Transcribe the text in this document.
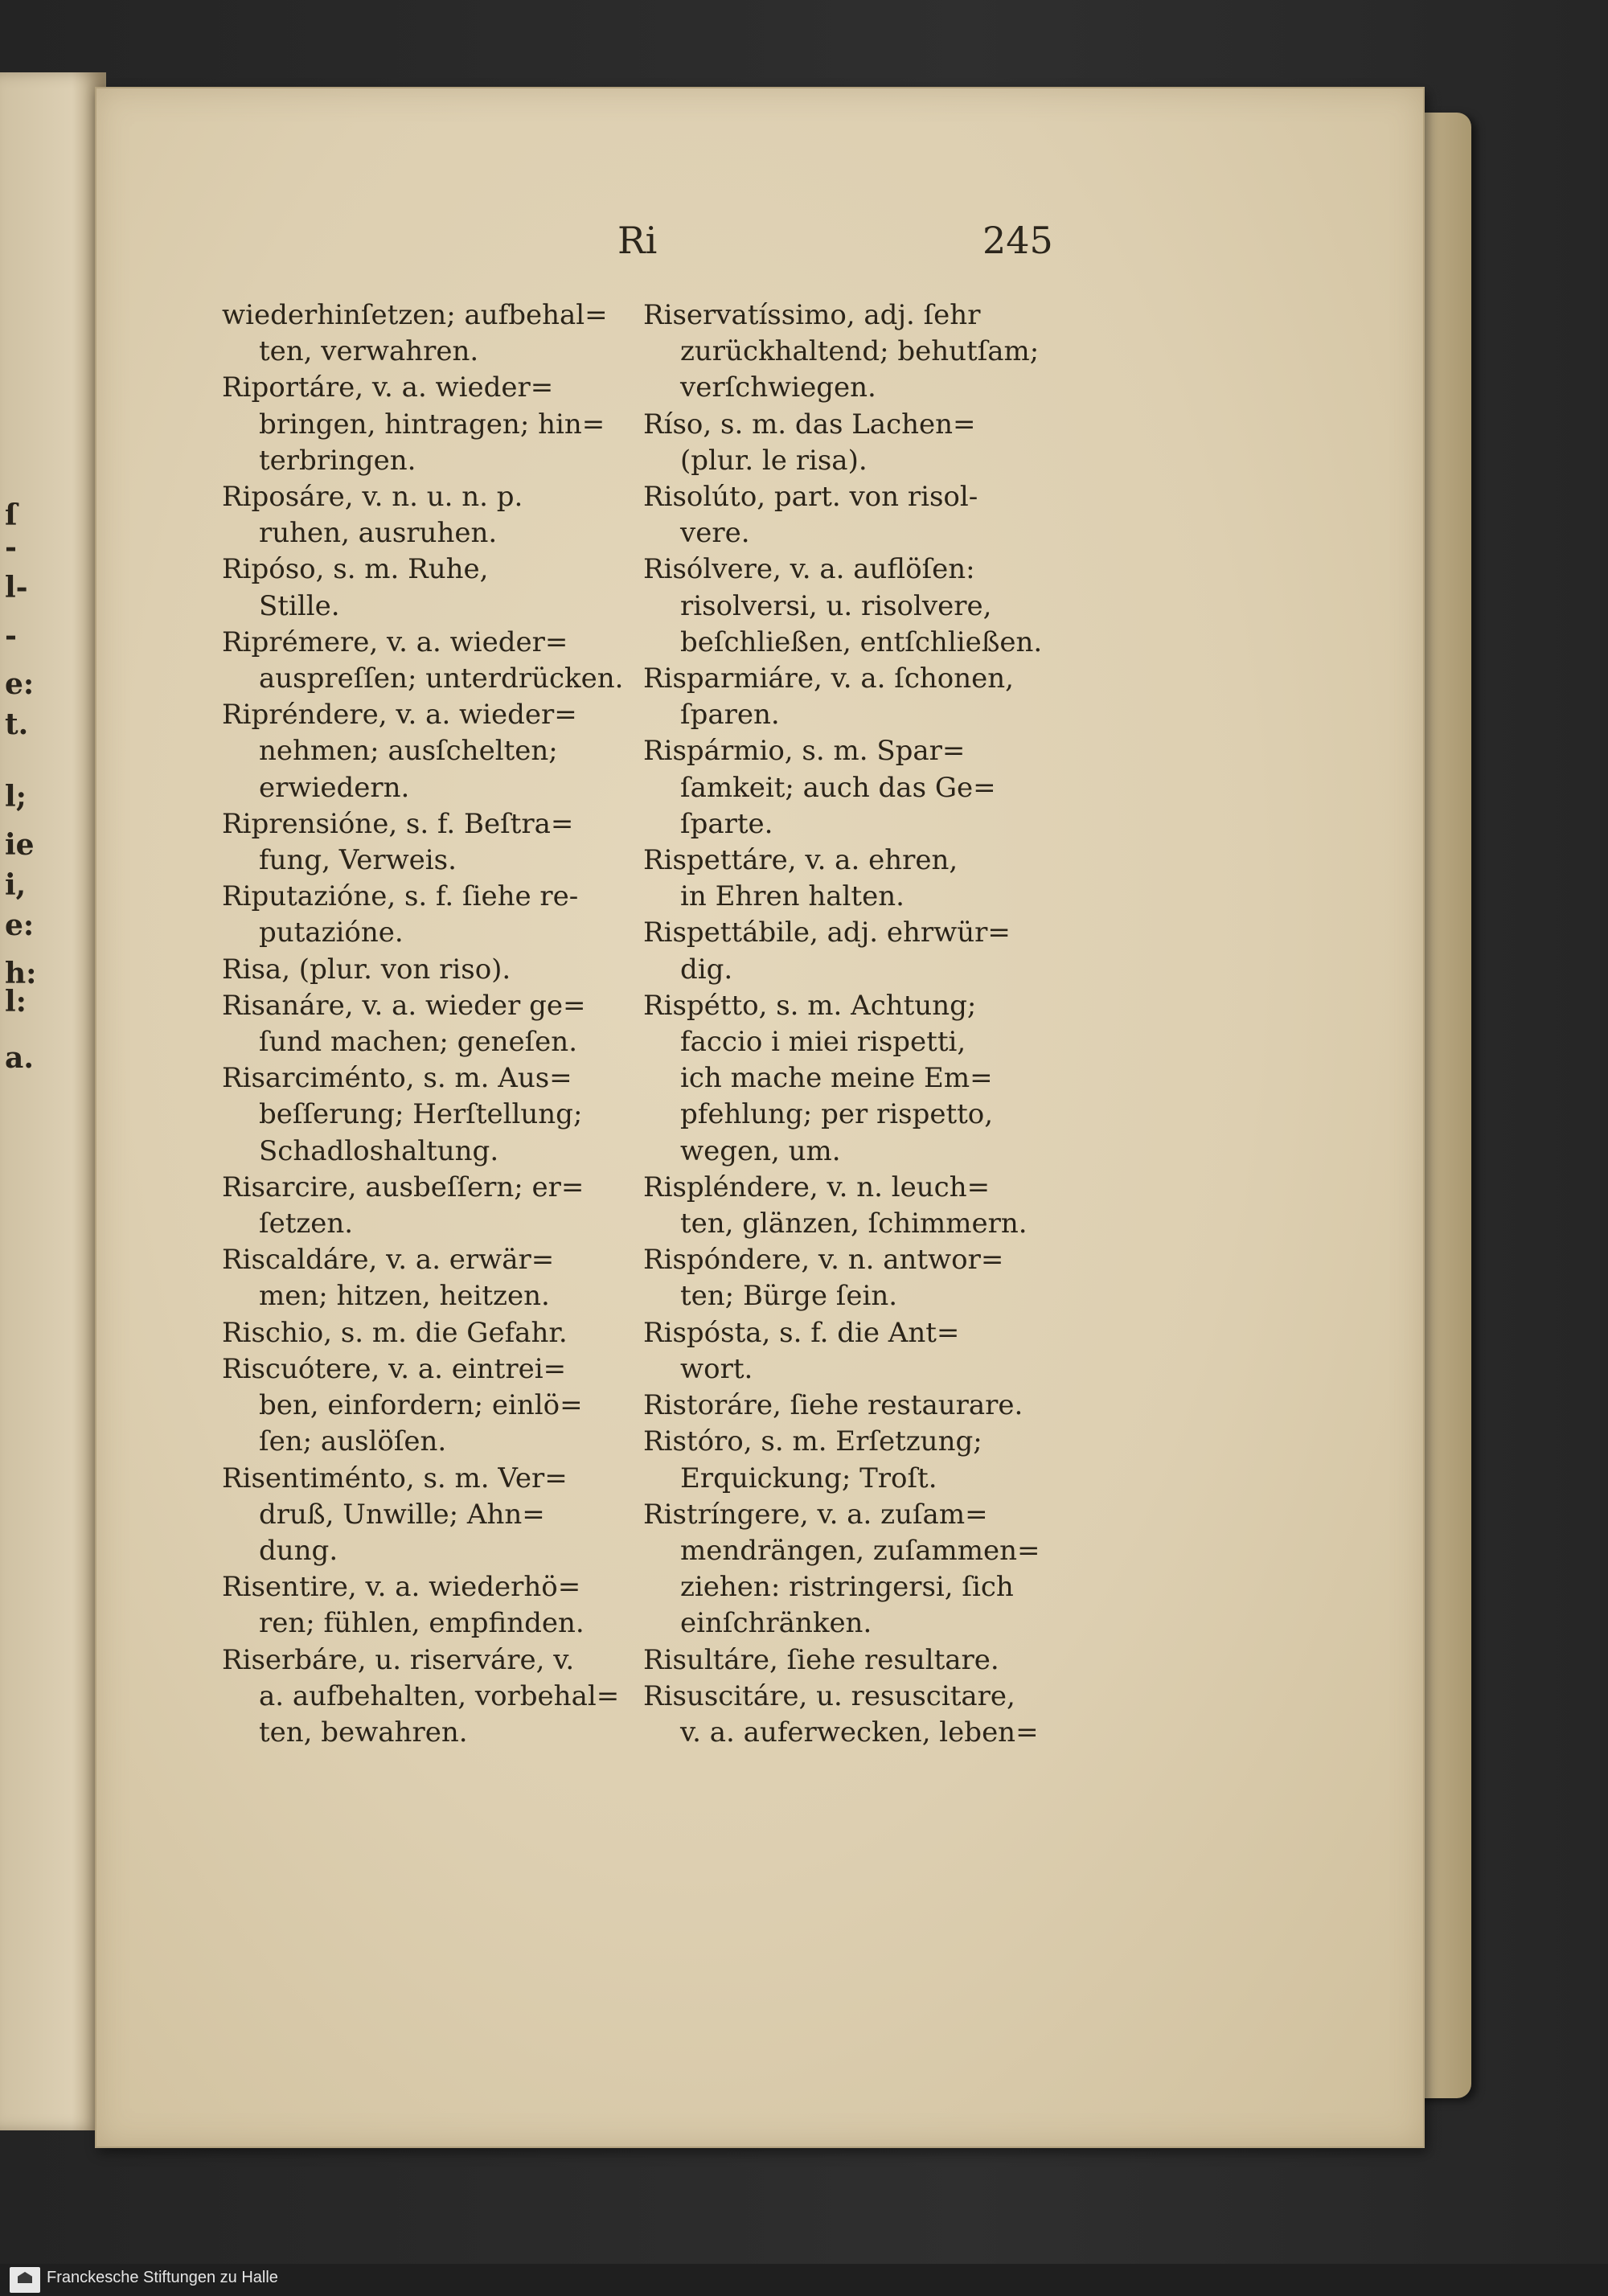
ſ
-
l-
-
e:
t.
l;
ie
i,
e:
h:
l:
a.
Ri	245
wiederhinſetzen; aufbehal=
ten, verwahren.
Riportáre, v. a. wieder=
bringen, hintragen; hin=
terbringen.
Riposáre, v. n. u. n. p.
ruhen, ausruhen.
Ripóso, s. m. Ruhe,
Stille.
Riprémere, v. a. wieder=
auspreſſen; unterdrücken.
Ripréndere, v. a. wieder=
nehmen; ausſchelten;
erwiedern.
Riprensióne, s. f. Beſtra=
fung, Verweis.
Riputazióne, s. f. ſiehe re-
putazióne.
Risa, (plur. von riso).
Risanáre, v. a. wieder ge=
ſund machen; geneſen.
Risarciménto, s. m. Aus=
beſſerung; Herſtellung;
Schadloshaltung.
Risarcire, ausbeſſern; er=
ſetzen.
Riscaldáre, v. a. erwär=
men; hitzen, heitzen.
Rischio, s. m. die Gefahr.
Riscuótere, v. a. eintrei=
ben, einfordern; einlö=
ſen; auslöſen.
Risentiménto, s. m. Ver=
druß, Unwille; Ahn=
dung.
Risentire, v. a. wiederhö=
ren; fühlen, empfinden.
Riserbáre, u. riserváre, v.
a. aufbehalten, vorbehal=
ten, bewahren.
Riservatíssimo, adj. ſehr
zurückhaltend; behutſam;
verſchwiegen.
Ríso, s. m. das Lachen=
(plur. le risa).
Risolúto, part. von risol-
vere.
Risólvere, v. a. auflöſen:
risolversi, u. risolvere,
beſchließen, entſchließen.
Risparmiáre, v. a. ſchonen,
ſparen.
Rispármio, s. m. Spar=
ſamkeit; auch das Ge=
ſparte.
Rispettáre, v. a. ehren,
in Ehren halten.
Rispettábile, adj. ehrwür=
dig.
Rispétto, s. m. Achtung;
faccio i miei rispetti,
ich mache meine Em=
pfehlung; per rispetto,
wegen, um.
Rispléndere, v. n. leuch=
ten, glänzen, ſchimmern.
Rispóndere, v. n. antwor=
ten; Bürge ſein.
Rispósta, s. f. die Ant=
wort.
Ristoráre, ſiehe restaurare.
Ristóro, s. m. Erſetzung;
Erquickung; Troſt.
Ristríngere, v. a. zuſam=
mendrängen, zuſammen=
ziehen: ristringersi, ſich
einſchränken.
Risultáre, ſiehe resultare.
Risuscitáre, u. resuscitare,
v. a. auferwecken, leben=
Franckesche Stiftungen zu Halle
